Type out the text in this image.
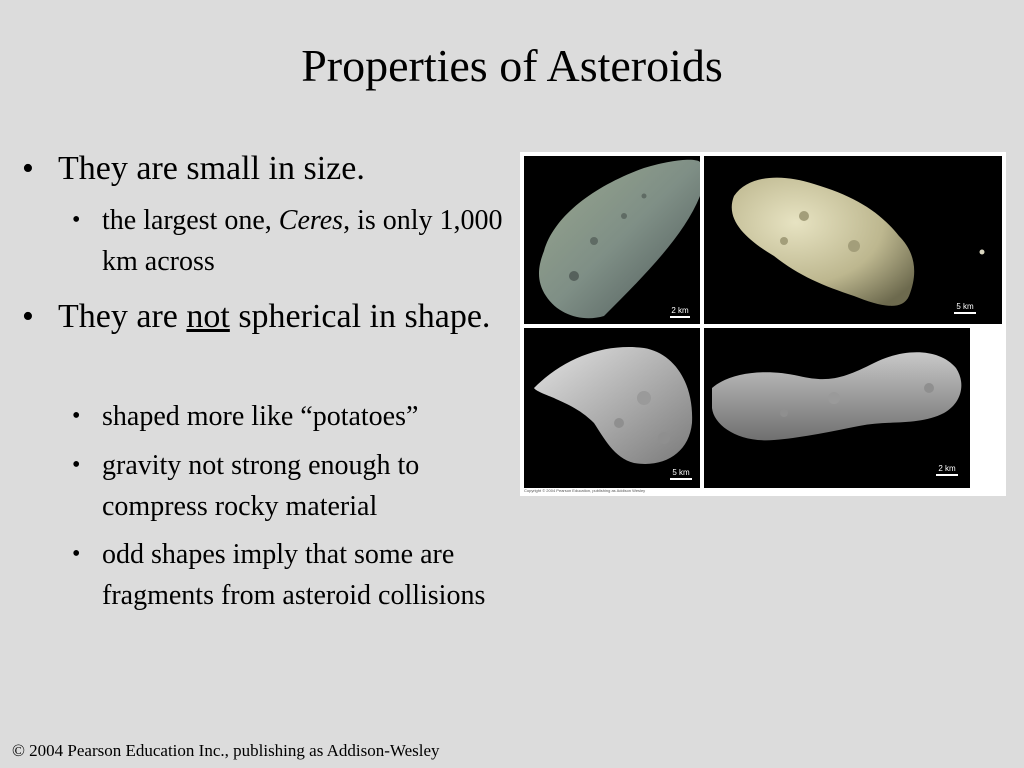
Properties of Asteroids
• They are small in size.
• the largest one, Ceres, is only 1,000 km across
• They are not spherical in shape.
• shaped more like “potatoes”
• gravity not strong enough to compress rocky material
• odd shapes imply that some are fragments from asteroid collisions
2 km	5 km
5 km	2 km
Copyright © 2004 Pearson Education, publishing as Addison Wesley
© 2004 Pearson Education Inc., publishing as Addison-Wesley
